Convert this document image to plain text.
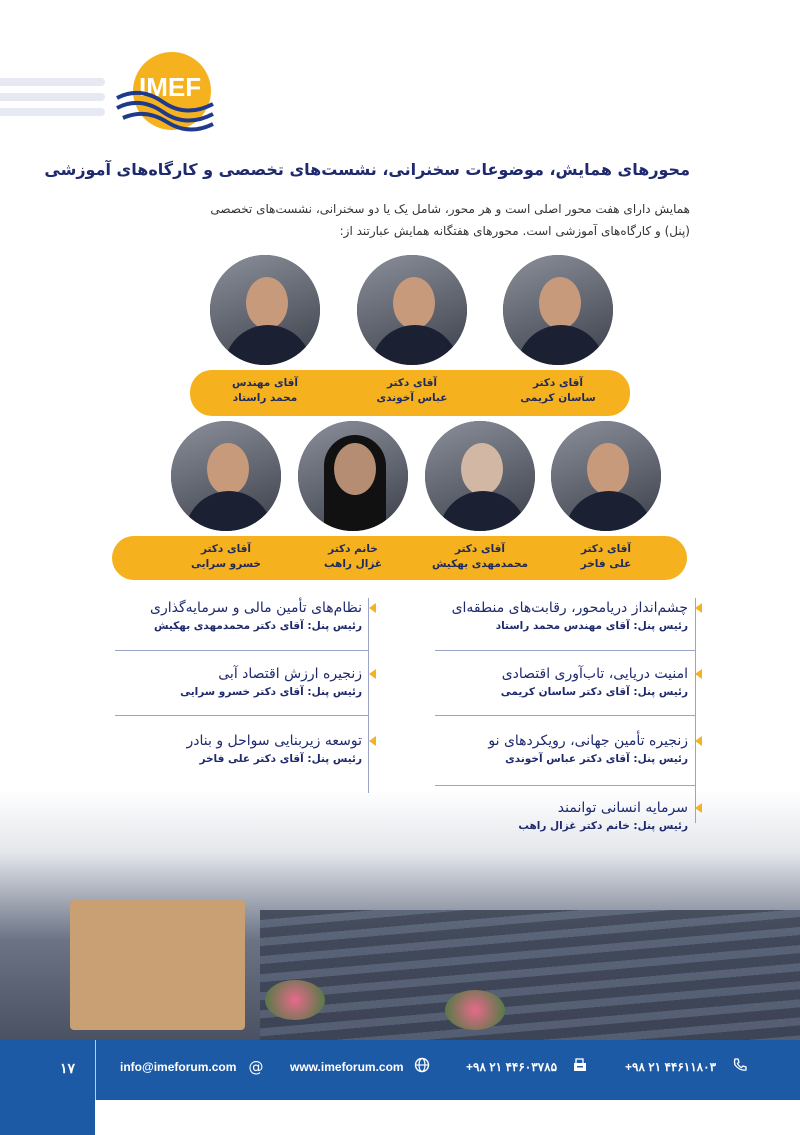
IMEF
محورهای همایش، موضوعات سخنرانی، نشست‌های تخصصی و کارگاه‌های آموزشی
همایش دارای هفت محور اصلی است و هر محور، شامل یک یا دو سخنرانی، نشست‌های تخصصی (پنل) و کارگاه‌های آموزشی است. محورهای هفتگانه همایش عبارتند از:
آقای دکتر
ساسان کریمی
آقای دکتر
عباس آخوندی
آقای مهندس
محمد راستاد
آقای دکتر
علی فاخر
آقای دکتر
محمدمهدی بهکیش
خانم دکتر
غزال راهب
آقای دکتر
خسرو سرایی
چشم‌انداز دریامحور، رقابت‌های منطقه‌ای
رئیس پنل: آقای مهندس محمد راستاد
امنیت دریایی، تاب‌آوری اقتصادی
رئیس پنل: آقای دکتر ساسان کریمی
زنجیره تأمین جهانی، رویکردهای نو
رئیس پنل: آقای دکتر عباس آخوندی
سرمایه انسانی توانمند
رئیس پنل: خانم دکتر غزال راهب
نظام‌های تأمین مالی و سرمایه‌گذاری
رئیس پنل: آقای دکتر محمدمهدی بهکیش
زنجیره ارزش اقتصاد آبی
رئیس پنل: آقای دکتر خسرو سرایی
توسعه زیربنایی سواحل و بنادر
رئیس پنل: آقای دکتر علی فاخر
۱۷	info@imeforum.com @ www.imeforum.com	+۹۸ ۲۱ ۴۴۶۰۳۷۸۵	+۹۸ ۲۱ ۴۴۶۱۱۸۰۳
